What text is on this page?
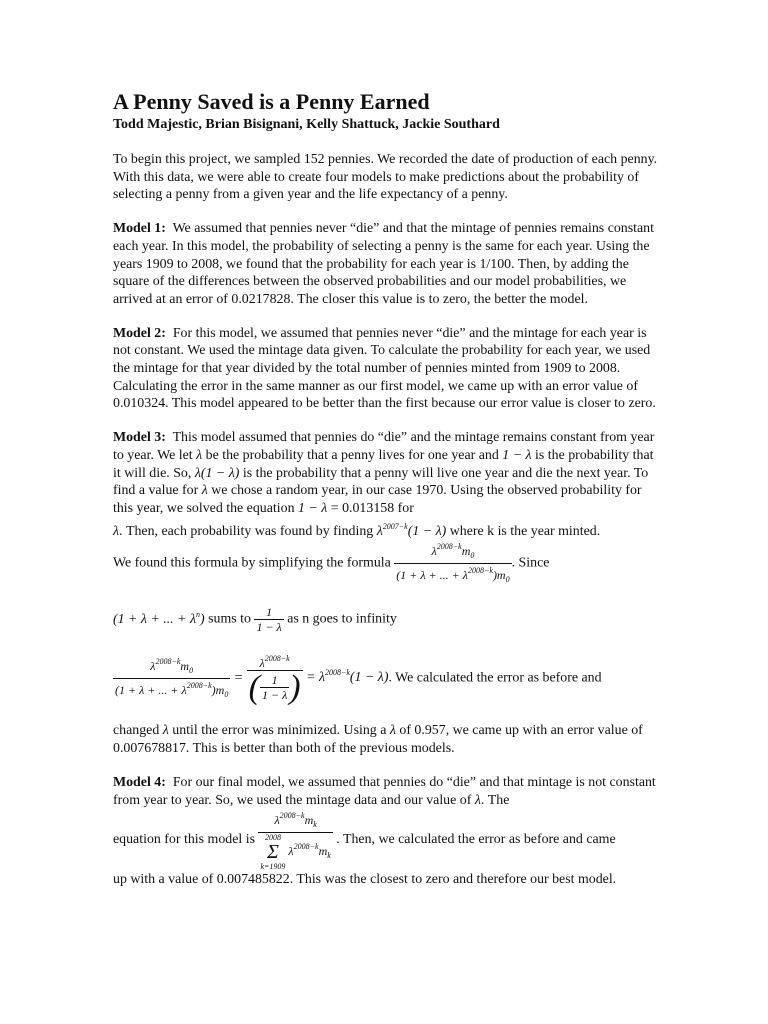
A Penny Saved is a Penny Earned
Todd Majestic, Brian Bisignani, Kelly Shattuck, Jackie Southard

To begin this project, we sampled 152 pennies. We recorded the date of production of each penny. With this data, we were able to create four models to make predictions about the probability of selecting a penny from a given year and the life expectancy of a penny.

Model 1: We assumed that pennies never “die” and that the mintage of pennies remains constant each year. In this model, the probability of selecting a penny is the same for each year. Using the years 1909 to 2008, we found that the probability for each year is 1/100. Then, by adding the square of the differences between the observed probabilities and our model probabilities, we arrived at an error of 0.0217828. The closer this value is to zero, the better the model.

Model 2: For this model, we assumed that pennies never “die” and the mintage for each year is not constant. We used the mintage data given. To calculate the probability for each year, we used the mintage for that year divided by the total number of pennies minted from 1909 to 2008. Calculating the error in the same manner as our first model, we came up with an error value of 0.010324. This model appeared to be better than the first because our error value is closer to zero.

Model 3: This model assumed that pennies do “die” and the mintage remains constant from year to year. We let λ be the probability that a penny lives for one year and 1 − λ is the probability that it will die. So, λ(1 − λ) is the probability that a penny will live one year and die the next year. To find a value for λ we chose a random year, in our case 1970. Using the observed probability for this year, we solved the equation 1 − λ = 0.013158 for
λ. Then, each probability was found by finding $\lambda^{2007-k}(1 - \lambda)$ where k is the year minted.
We found this formula by simplifying the formula $\frac{\lambda^{2008-k}m_0}{(1 + \lambda + ... + \lambda^{2008-k})m_0}$ . Since

(1 + λ + ... + $\lambda^n$) sums to $\frac{1}{1 - \lambda}$ as n goes to infinity

$\frac{\lambda^{2008-k}m_0}{(1 + \lambda + ... + \lambda^{2008-k})m_0} = \frac{\lambda^{2008-k}}{( \frac{1}{1 - \lambda} )} = \lambda^{2008-k}(1 - \lambda)$. We calculated the error as before and

changed λ until the error was minimized. Using a λ of 0.957, we came up with an error value of 0.007678817. This is better than both of the previous models.

Model 4: For our final model, we assumed that pennies do “die” and that mintage is not constant from year to year. So, we used the mintage data and our value of λ. The
equation for this model is $\lambda^{2008-k}m_k$
2008
Σ
k=1909 $\lambda^{2008-k}m_k$ . Then, we calculated the error as before and came
up with a value of 0.007485822. This was the closest to zero and therefore our best model.
